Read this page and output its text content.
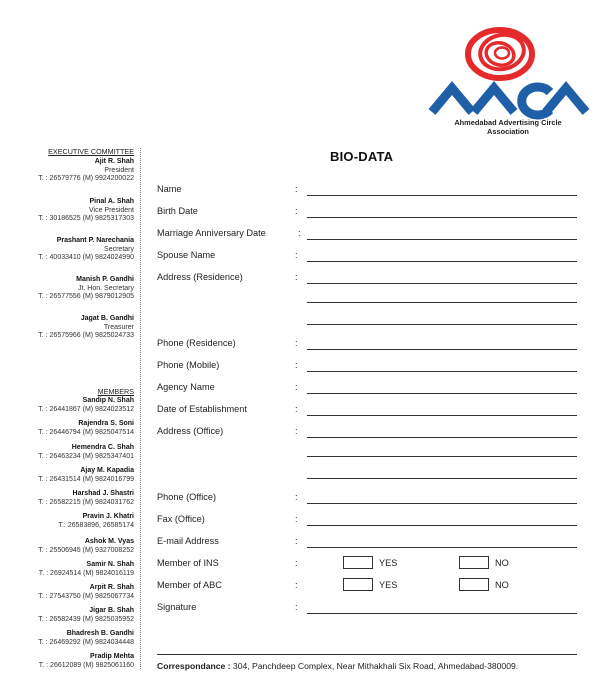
Ahmedabad Advertising Circle
Association
EXECUTIVE COMMITTEE
Ajit R. Shah
President
T. : 26579776 (M) 9924200022
Pinal A. Shah
Vice President
T. : 30186525 (M) 9825317303
Prashant P. Narechania
Secretary
T. : 40033410 (M) 9824024990
Manish P. Gandhi
Jt. Hon. Secretary
T. : 26577556 (M) 9879012905
Jagat B. Gandhi
Treasurer
T. : 26575966 (M) 9825024733
MEMBERS
Sandip N. Shah
T. : 26441867 (M) 9824023512
Rajendra S. Soni
T. : 26446794 (M) 9825047514
Hemendra C. Shah
T. : 26463234 (M) 9825347401
Ajay M. Kapadia
T. : 26431514 (M) 9824016799
Harshad J. Shastri
T. : 26582215 (M) 9824031762
Pravin J. Khatri
T.: 26583896, 26585174
Ashok M. Vyas
T. : 25506945 (M) 9327008252
Samir N. Shah
T. : 26924514 (M) 9824016119
Arpit R. Shah
T. : 27543750 (M) 9825067734
Jigar B. Shah
T. : 26582439 (M) 9825035952
Bhadresh B. Gandhi
T. : 26469292 (M) 9824034448
Pradip Mehta
T. : 26612089 (M) 9825061160
BIO-DATA
Name	:
Birth Date	:
Marriage Anniversary Date	:
Spouse Name	:
Address (Residence)	:
Phone (Residence)	:
Phone (Mobile)	:
Agency Name	:
Date of Establishment	:
Address (Office)	:
Phone (Office)	:
Fax (Office)	:
E-mail Address	:
Member of INS	:	YES	NO
Member of ABC	:	YES	NO
Signature	:
Correspondance : 304, Panchdeep Complex, Near Mithakhali Six Road, Ahmedabad-380009.
